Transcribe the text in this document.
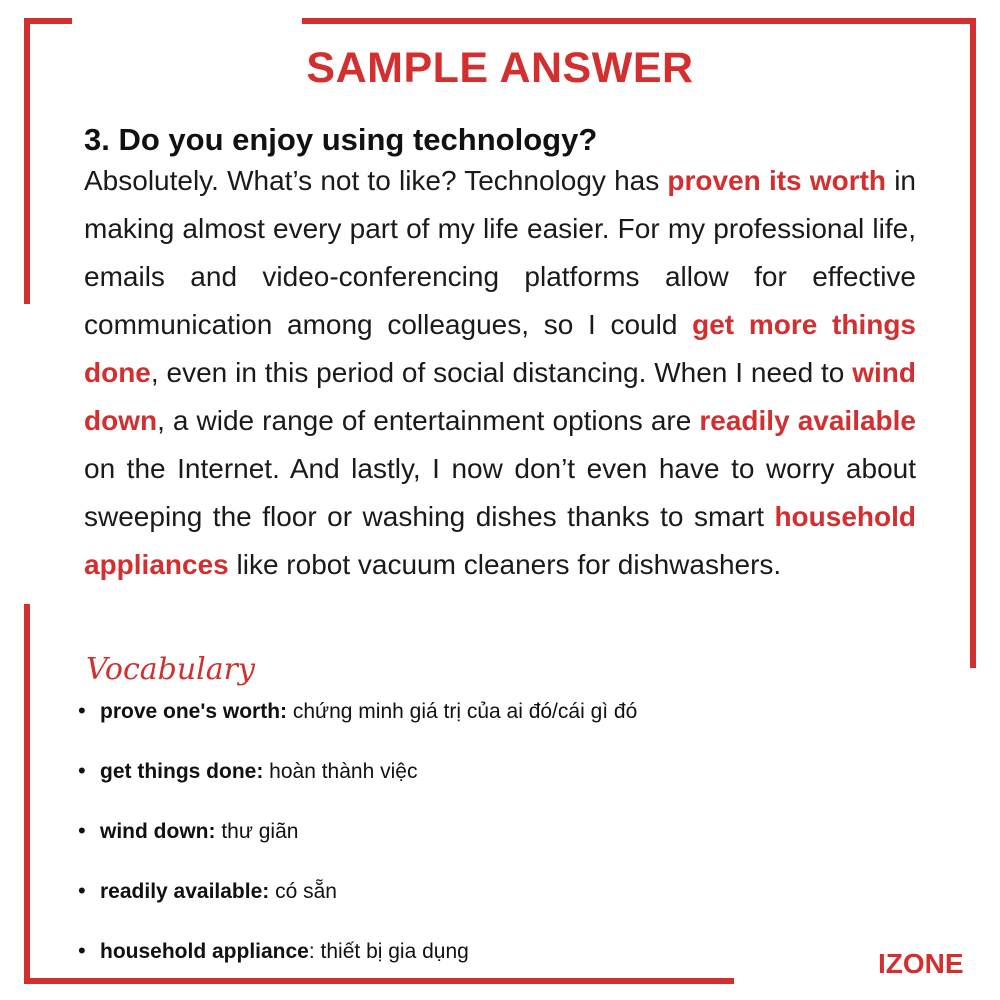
SAMPLE ANSWER
3. Do you enjoy using technology?

Absolutely. What’s not to like? Technology has proven its worth in making almost every part of my life easier. For my professional life, emails and video-conferencing platforms allow for effective communication among colleagues, so I could get more things done, even in this period of social distancing. When I need to wind down, a wide range of entertainment options are readily available on the Internet. And lastly, I now don’t even have to worry about sweeping the floor or washing dishes thanks to smart household appliances like robot vacuum cleaners for dishwashers.

Vocabulary
• prove one's worth: chứng minh giá trị của ai đó/cái gì đó
• get things done: hoàn thành việc
• wind down: thư giãn
• readily available: có sẵn
• household appliance: thiết bị gia dụng	IZONE
